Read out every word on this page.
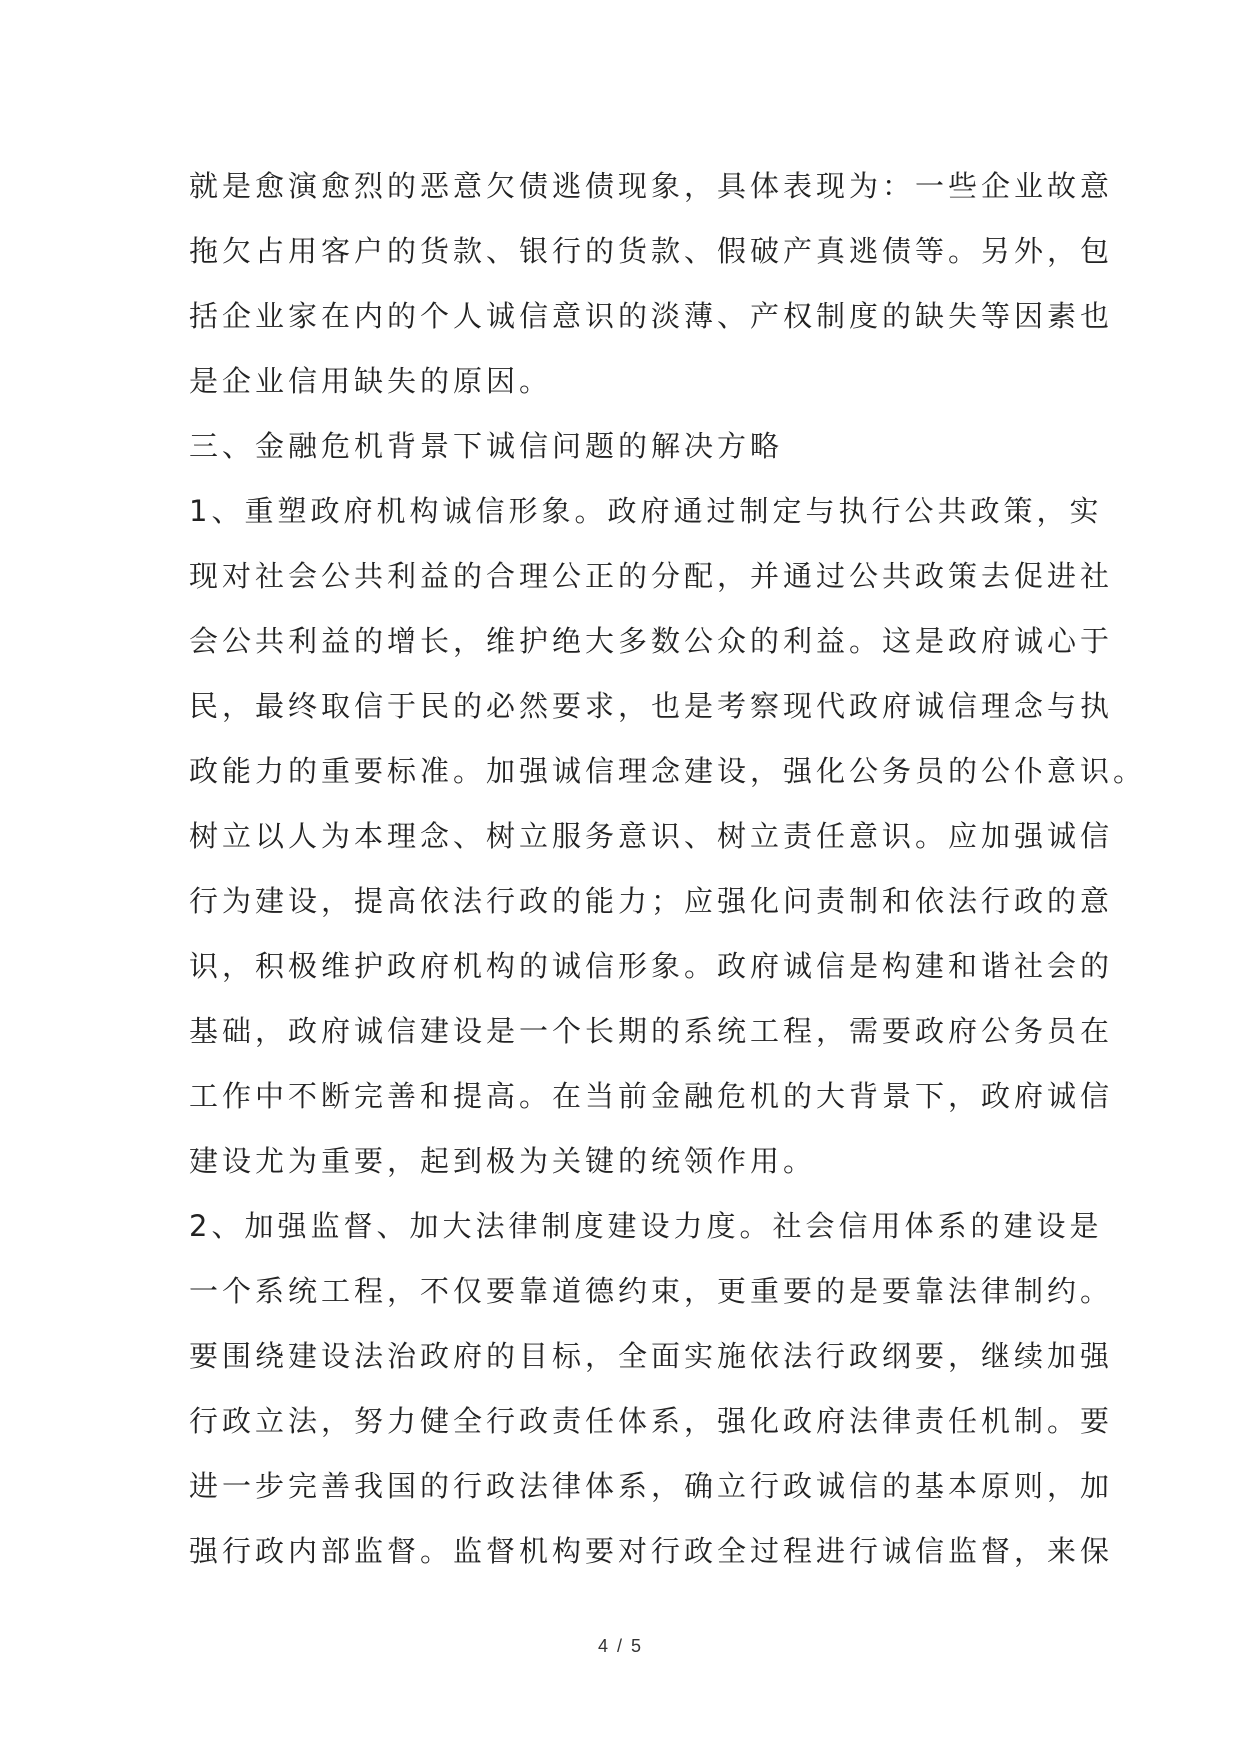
就是愈演愈烈的恶意欠债逃债现象，具体表现为：一些企业故意
拖欠占用客户的货款、银行的货款、假破产真逃债等。另外，包
括企业家在内的个人诚信意识的淡薄、产权制度的缺失等因素也
是企业信用缺失的原因。
三、金融危机背景下诚信问题的解决方略
1、重塑政府机构诚信形象。政府通过制定与执行公共政策，实
现对社会公共利益的合理公正的分配，并通过公共政策去促进社
会公共利益的增长，维护绝大多数公众的利益。这是政府诚心于
民，最终取信于民的必然要求，也是考察现代政府诚信理念与执
政能力的重要标准。加强诚信理念建设，强化公务员的公仆意识。
树立以人为本理念、树立服务意识、树立责任意识。应加强诚信
行为建设，提高依法行政的能力；应强化问责制和依法行政的意
识，积极维护政府机构的诚信形象。政府诚信是构建和谐社会的
基础，政府诚信建设是一个长期的系统工程，需要政府公务员在
工作中不断完善和提高。在当前金融危机的大背景下，政府诚信
建设尤为重要，起到极为关键的统领作用。
2、加强监督、加大法律制度建设力度。社会信用体系的建设是
一个系统工程，不仅要靠道德约束，更重要的是要靠法律制约。
要围绕建设法治政府的目标，全面实施依法行政纲要，继续加强
行政立法，努力健全行政责任体系，强化政府法律责任机制。要
进一步完善我国的行政法律体系，确立行政诚信的基本原则，加
强行政内部监督。监督机构要对行政全过程进行诚信监督，来保
4 / 5
